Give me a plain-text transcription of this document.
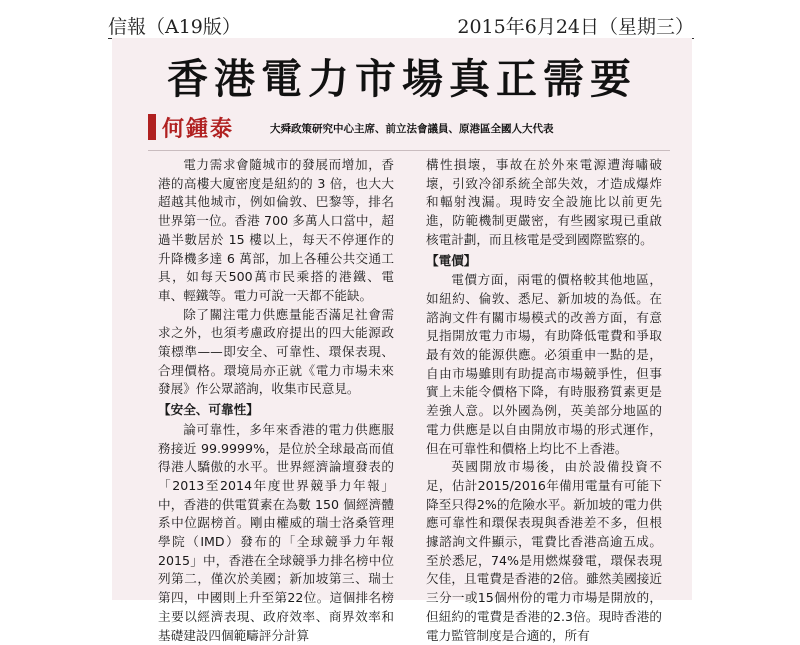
信報（A19版）	2015年6月24日（星期三）
香港電力市場真正需要
何鍾泰	大舜政策研究中心主席、前立法會議員、原港區全國人大代表

電力需求會隨城市的發展而增加，香港的高樓大廈密度是紐約的 3 倍，也大大超越其他城市，例如倫敦、巴黎等，排名世界第一位。香港 700 多萬人口當中，超過半數居於 15 樓以上，每天不停運作的升降機多達 6 萬部，加上各種公共交通工具，如每天500萬市民乘搭的港鐵、電車、輕鐵等。電力可說一天都不能缺。

除了關注電力供應量能否滿足社會需求之外，也須考慮政府提出的四大能源政策標準——即安全、可靠性、環保表現、合理價格。環境局亦正就《電力市場未來發展》作公眾諮詢，收集市民意見。

【安全、可靠性】

論可靠性，多年來香港的電力供應服務接近 99.9999%，是位於全球最高而值得港人驕傲的水平。世界經濟論壇發表的「2013至2014年度世界競爭力年報」中，香港的供電質素在為數 150 個經濟體系中位踞榜首。剛由權威的瑞士洛桑管理學院（IMD）發布的「全球競爭力年報2015」中，香港在全球競爭力排名榜中位列第二，僅次於美國；新加坡第三、瑞士第四，中國則上升至第22位。這個排名榜主要以經濟表現、政府效率、商界效率和基礎建設四個範疇評分計算

構性損壞，事故在於外來電源遭海嘯破壞，引致冷卻系統全部失效，才造成爆炸和輻射洩漏。現時安全設施比以前更先進，防範機制更嚴密，有些國家現已重啟核電計劃，而且核電是受到國際監察的。

【電價】

電價方面，兩電的價格較其他地區，如紐約、倫敦、悉尼、新加坡的為低。在諮詢文件有關市場模式的改善方面，有意見指開放電力市場，有助降低電費和爭取最有效的能源供應。必須重申一點的是，自由市場雖則有助提高市場競爭性，但事實上未能令價格下降，有時服務質素更是差強人意。以外國為例，英美部分地區的電力供應是以自由開放市場的形式運作，但在可靠性和價格上均比不上香港。

英國開放市場後，由於設備投資不足，估計2015/2016年備用電量有可能下降至只得2%的危險水平。新加坡的電力供應可靠性和環保表現與香港差不多，但根據諮詢文件顯示，電費比香港高逾五成。至於悉尼，74%是用燃煤發電，環保表現欠佳，且電費是香港的2倍。雖然美國接近三分一或15個州份的電力市場是開放的，但紐約的電費是香港的2.3倍。現時香港的電力監管制度是合適的，所有
